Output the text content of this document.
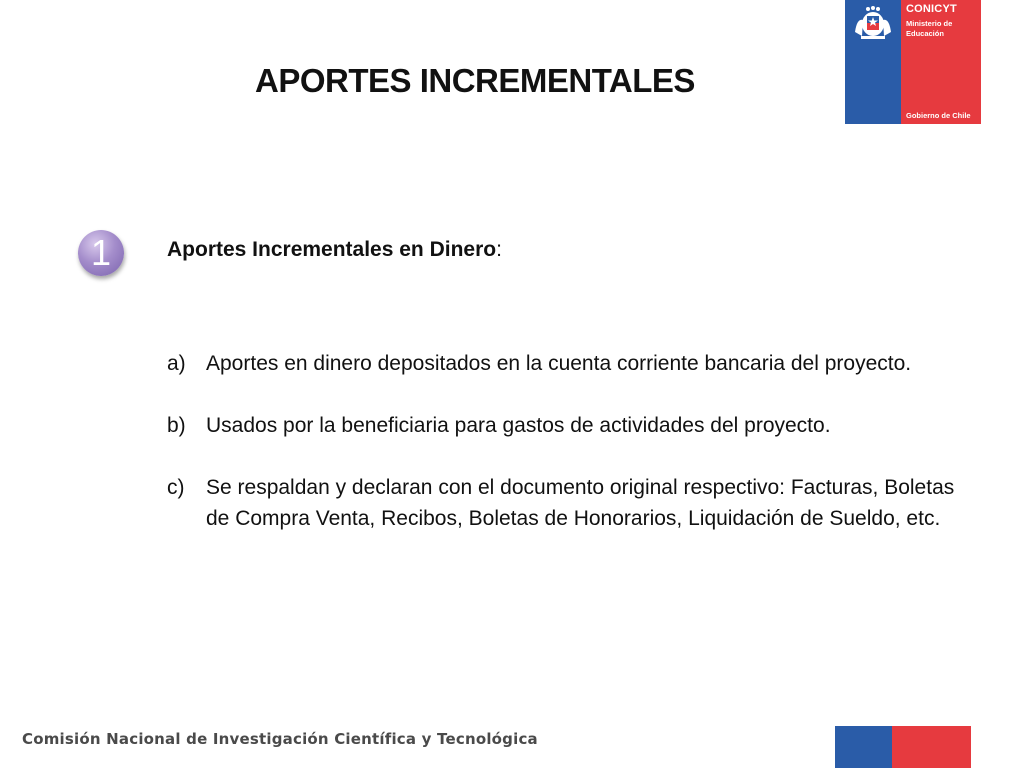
APORTES INCREMENTALES
CONICYT
Ministerio de
Educación
Gobierno de Chile
1	Aportes Incrementales en Dinero:
a) Aportes en dinero depositados en la cuenta corriente bancaria del proyecto.
b) Usados por la beneficiaria para gastos de actividades del proyecto.
c) Se respaldan y declaran con el documento original respectivo: Facturas, Boletas de Compra Venta, Recibos, Boletas de Honorarios, Liquidación de Sueldo, etc.
Comisión Nacional de Investigación Científica y Tecnológica
